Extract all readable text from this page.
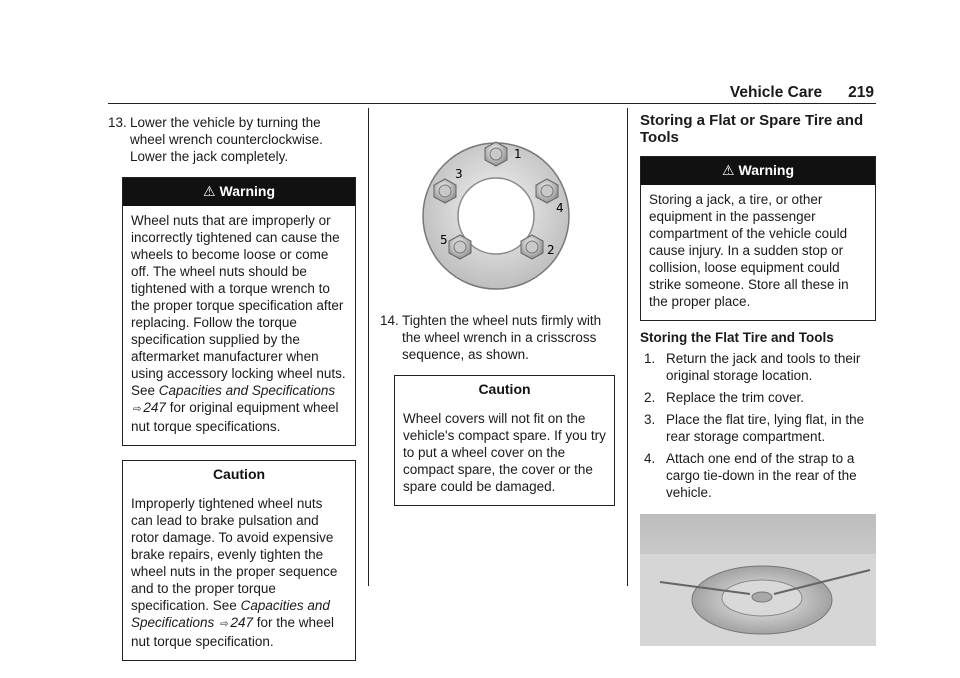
Vehicle Care 219
13. Lower the vehicle by turning the wheel wrench counterclockwise. Lower the jack completely.
⚠ Warning
Wheel nuts that are improperly or incorrectly tightened can cause the wheels to become loose or come off. The wheel nuts should be tightened with a torque wrench to the proper torque specification after replacing. Follow the torque specification supplied by the aftermarket manufacturer when using accessory locking wheel nuts. See Capacities and Specifications ⇨ 247 for original equipment wheel nut torque specifications.
Caution
Improperly tightened wheel nuts can lead to brake pulsation and rotor damage. To avoid expensive brake repairs, evenly tighten the wheel nuts in the proper sequence and to the proper torque specification. See Capacities and Specifications ⇨ 247 for the wheel nut torque specification.
1
2
3
4
5
14. Tighten the wheel nuts firmly with the wheel wrench in a crisscross sequence, as shown.
Caution
Wheel covers will not fit on the vehicle's compact spare. If you try to put a wheel cover on the compact spare, the cover or the spare could be damaged.
Storing a Flat or Spare Tire and Tools
⚠ Warning
Storing a jack, a tire, or other equipment in the passenger compartment of the vehicle could cause injury. In a sudden stop or collision, loose equipment could strike someone. Store all these in the proper place.
Storing the Flat Tire and Tools
1. Return the jack and tools to their original storage location.
2. Replace the trim cover.
3. Place the flat tire, lying flat, in the rear storage compartment.
4. Attach one end of the strap to a cargo tie-down in the rear of the vehicle.
